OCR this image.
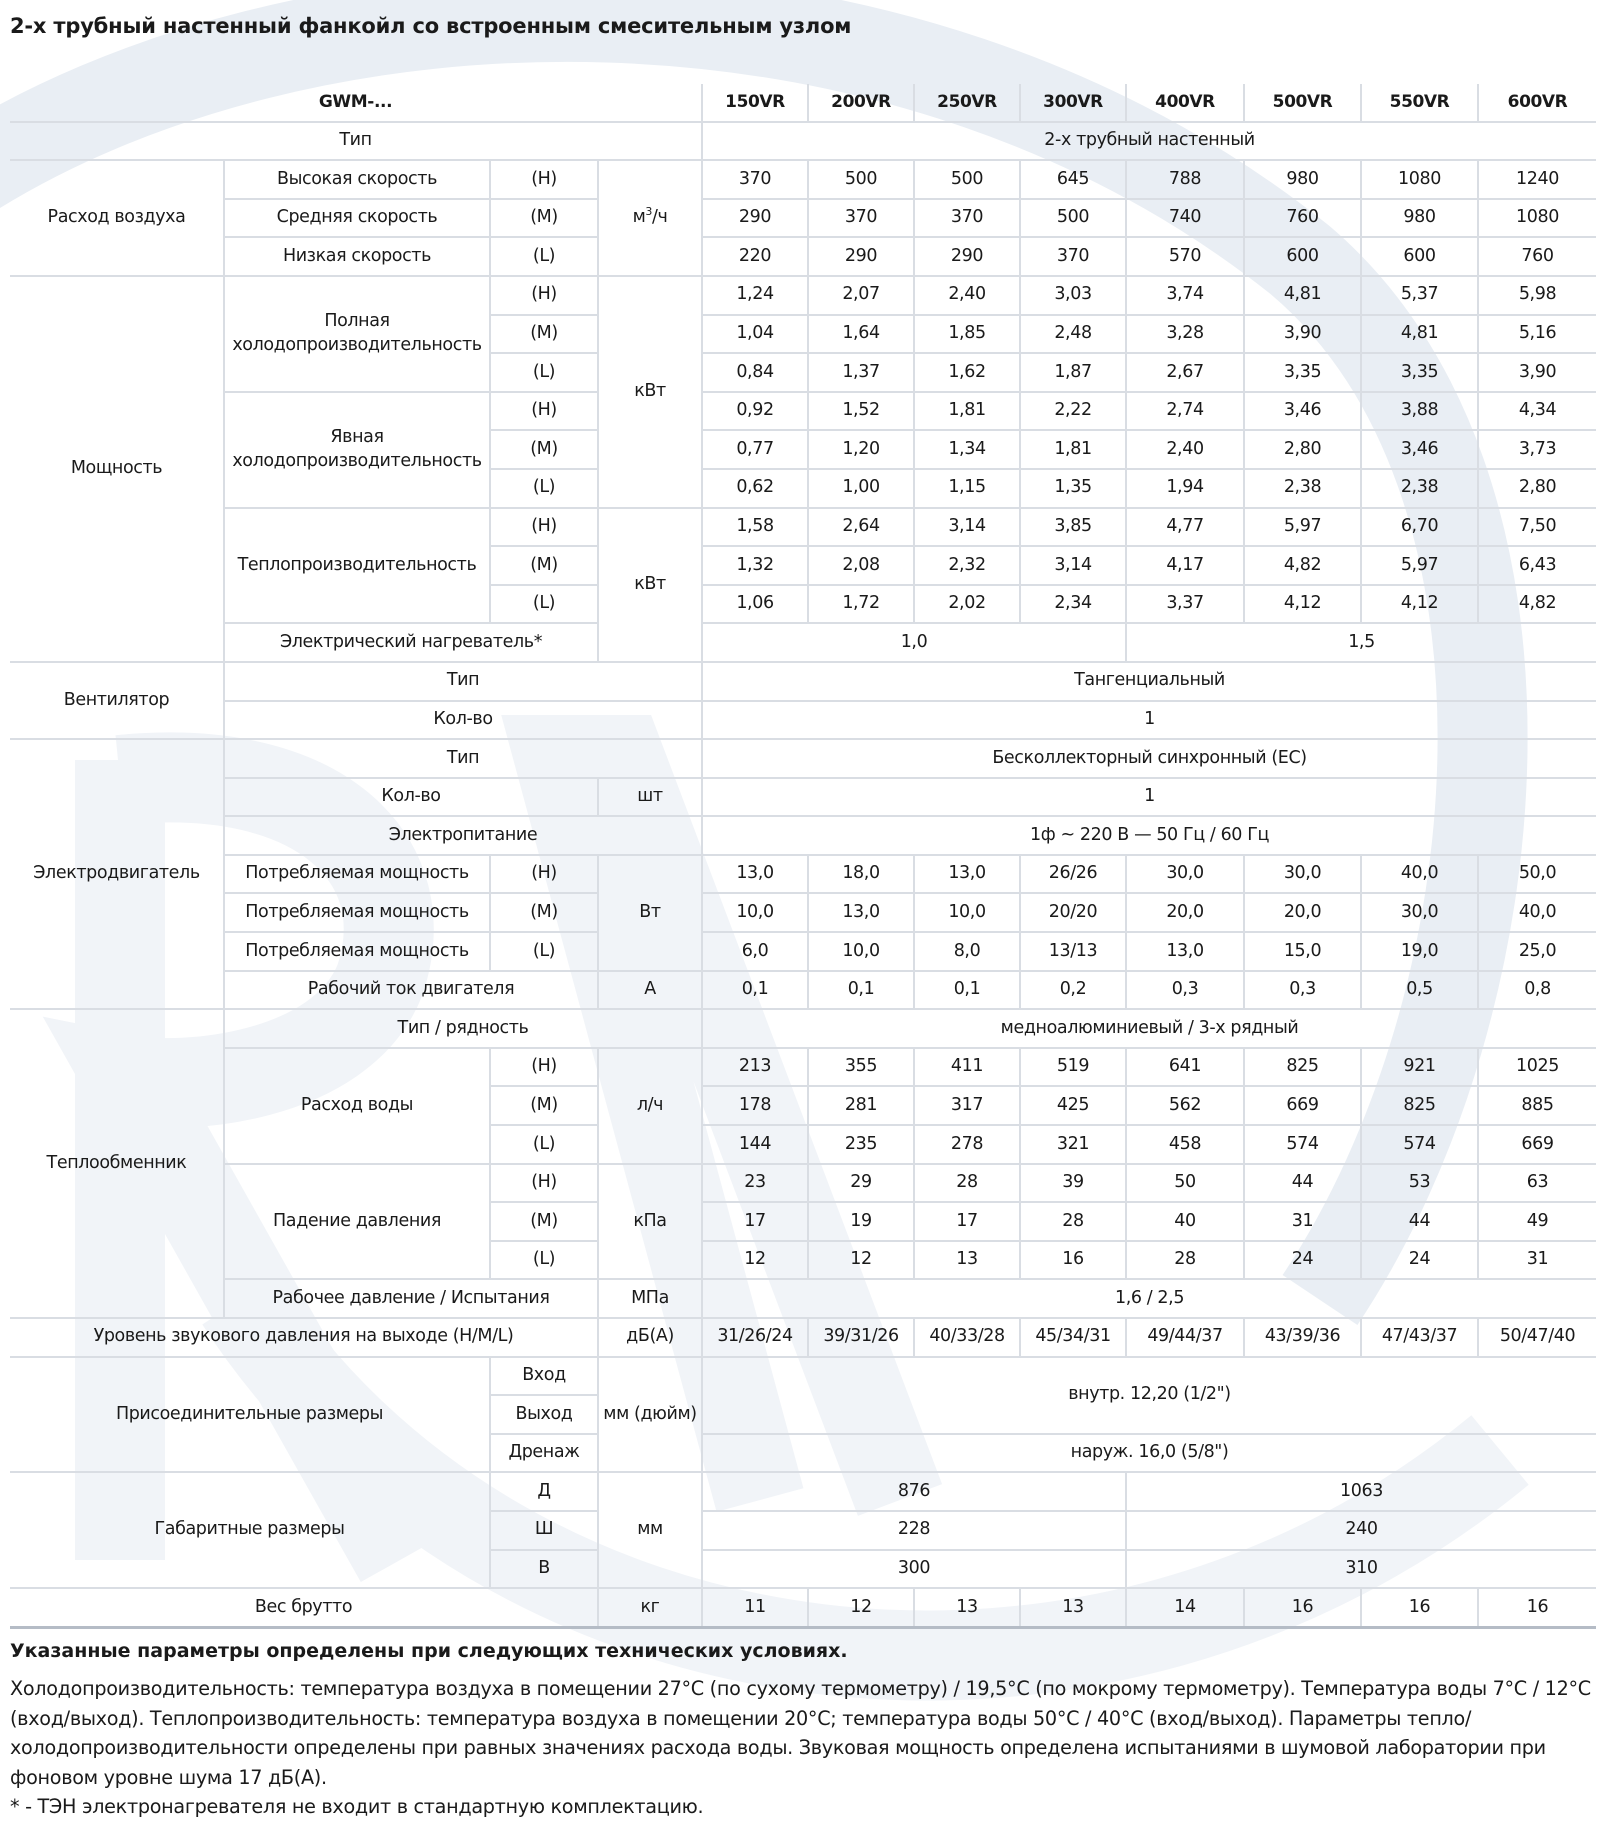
2-х трубный настенный фанкойл со встроенным смесительным узлом
GWM-...				150VR	200VR	250VR	300VR	400VR	500VR	550VR	600VR
Тип				2-х трубный настенный							
Расход воздуха	Высокая скорость	(H)	$м^3/ч$	370	500	500	645	788	980	1080	1240
	Средняя скорость	(M)		290	370	370	500	740	760	980	1080
	Низкая скорость	(L)		220	290	290	370	570	600	600	760
Мощность	Полная холодопроизводительность	(H)	кВт	1,24	2,07	2,40	3,03	3,74	4,81	5,37	5,98
		(M)		1,04	1,64	1,85	2,48	3,28	3,90	4,81	5,16
		(L)		0,84	1,37	1,62	1,87	2,67	3,35	3,35	3,90
	Явная холодопроизводительность	(H)		0,92	1,52	1,81	2,22	2,74	3,46	3,88	4,34
		(M)		0,77	1,20	1,34	1,81	2,40	2,80	3,46	3,73
		(L)		0,62	1,00	1,15	1,35	1,94	2,38	2,38	2,80
	Теплопроизводительность	(H)	кВт	1,58	2,64	3,14	3,85	4,77	5,97	6,70	7,50
		(M)		1,32	2,08	2,32	3,14	4,17	4,82	5,97	6,43
		(L)		1,06	1,72	2,02	2,34	3,37	4,12	4,12	4,82
	Электрический нагреватель*			1,0				1,5			
Вентилятор	Тип			Тангенциальный							
	Кол-во			1							
Электродвигатель	Тип			Бесколлекторный синхронный (ЕС)							
	Кол-во		шт	1							
	Электропитание			1ф ~ 220 В — 50 Гц / 60 Гц							
	Потребляемая мощность	(H)	Вт	13,0	18,0	13,0	26/26	30,0	30,0	40,0	50,0
	Потребляемая мощность	(M)		10,0	13,0	10,0	20/20	20,0	20,0	30,0	40,0
	Потребляемая мощность	(L)		6,0	10,0	8,0	13/13	13,0	15,0	19,0	25,0
	Рабочий ток двигателя		А	0,1	0,1	0,1	0,2	0,3	0,3	0,5	0,8
Теплообменник	Тип / рядность			медноалюминиевый / 3-х рядный							
	Расход воды	(H)	л/ч	213	355	411	519	641	825	921	1025
		(M)		178	281	317	425	562	669	825	885
		(L)		144	235	278	321	458	574	574	669
	Падение давления	(H)	кПа	23	29	28	39	50	44	53	63
		(M)		17	19	17	28	40	31	44	49
		(L)		12	12	13	16	28	24	24	31
	Рабочее давление / Испытания		МПа	1,6 / 2,5							
Уровень звукового давления на выходе (H/M/L)			дБ(А)	31/26/24	39/31/26	40/33/28	45/34/31	49/44/37	43/39/36	47/43/37	50/47/40
Присоединительные размеры		Вход	мм (дюйм)	внутр. 12,20 (1/2")							
		Выход									
		Дренаж		наруж. 16,0 (5/8")							
Габаритные размеры		Д	мм	876				1063			
		Ш		228				240			
		В		300				310			
Вес брутто			кг	11	12	13	13	14	16	16	16

Указанные параметры определены при следующих технических условиях.

Холодопроизводительность: температура воздуха в помещении 27°С (по сухому термометру) / 19,5°С (по мокрому термометру). Температура воды 7°С / 12°С (вход/выход). Теплопроизводительность: температура воздуха в помещении 20°С; температура воды 50°С / 40°С (вход/выход). Параметры тепло/холодопроизводительности определены при равных значениях расхода воды. Звуковая мощность определена испытаниями в шумовой лаборатории при фоновом уровне шума 17 дБ(А).

* - ТЭН электронагревателя не входит в стандартную комплектацию.
